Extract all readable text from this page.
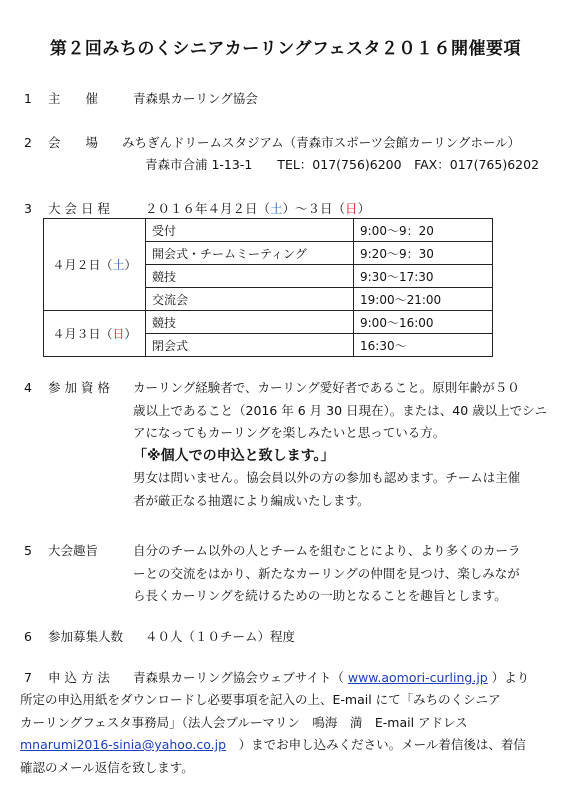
第２回みちのくシニアカーリングフェスタ２０１６開催要項
1	主　　催	青森県カーリング協会
2	会　　場 みちぎんドリームスタジアム（青森市スポーツ会館カーリングホール）
青森市合浦 1-13-1　　TEL：017(756)6200　FAX：017(765)6202
3	大 会 日 程	２０１６年４月２日（土）～３日（日）
４月２日（土）	受付	9:00～9：20
	開会式・チームミーティング	9:20～9：30
	競技	9:30～17:30
	交流会	19:00～21:00
４月３日（日）	競技	9:00～16:00
	閉会式	16:30～
4	参 加 資 格 カーリング経験者で、カーリング愛好者であること。原則年齢が５０
歳以上であること（2016 年 6 月 30 日現在）。または、40 歳以上でシニ
アになってもカーリングを楽しみたいと思っている方。
「※個人での申込と致します。」
男女は問いません。協会員以外の方の参加も認めます。チームは主催
者が厳正なる抽選により編成いたします。
5	大会趣旨	自分のチーム以外の人とチームを組むことにより、より多くのカーラ
ーとの交流をはかり、新たなカーリングの仲間を見つけ、楽しみなが
ら長くカーリングを続けるための一助となることを趣旨とします。
6	参加募集人数 ４０人（１０チーム）程度
7	申 込 方 法 青森県カーリング協会ウェブサイト（ www.aomori-curling.jp ）より
所定の申込用紙をダウンロードし必要事項を記入の上、E-mail にて「みちのくシニア
カーリングフェスタ事務局」（法人会ブルーマリン　鳴海　満　E-mail アドレス
mnarumi2016-sinia@yahoo.co.jp　 ）までお申し込みください。メール着信後は、着信
確認のメール返信を致します。
